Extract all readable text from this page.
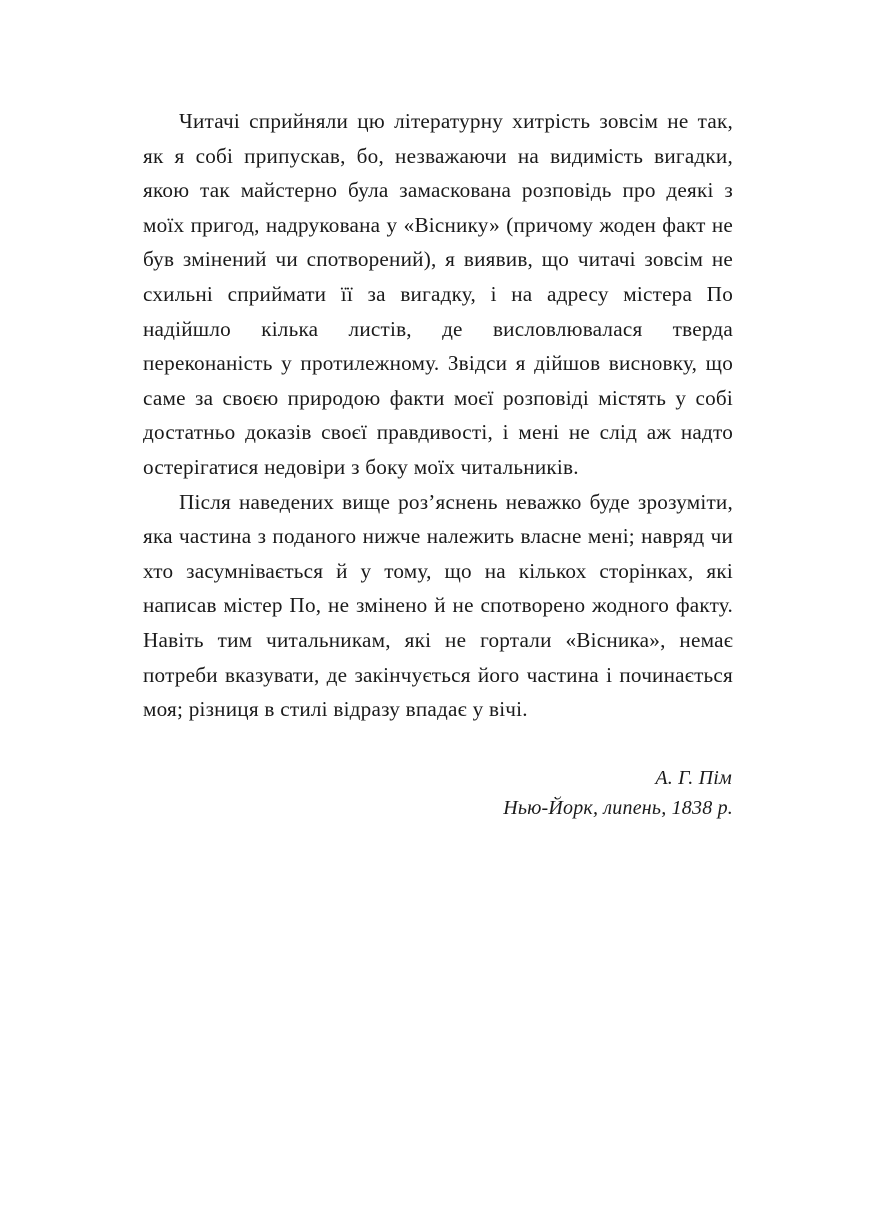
Читачі сприйняли цю літературну хитрість зовсім не так, як я собі припускав, бо, незважаючи на видимість вигадки, якою так майстерно була замаскована розповідь про деякі з моїх пригод, надрукована у «Віснику» (причому жоден факт не був змінений чи спотворений), я виявив, що читачі зовсім не схильні сприймати її за вигадку, і на адресу містера По надійшло кілька листів, де висловлювалася тверда переконаність у протилежному. Звідси я дійшов висновку, що саме за своєю природою факти моєї розповіді містять у собі достатньо доказів своєї правдивості, і мені не слід аж надто остерігатися недовіри з боку моїх читальників.

Після наведених вище роз’яснень неважко буде зрозуміти, яка частина з поданого нижче належить власне мені; навряд чи хто засумнівається й у тому, що на кількох сторінках, які написав містер По, не змінено й не спотворено жодного факту. Навіть тим читальникам, які не гортали «Вісника», немає потреби вказувати, де закінчується його частина і починається моя; різниця в стилі відразу впадає у вічі.

А. Г. Пім

Нью-Йорк, липень, 1838 р.
